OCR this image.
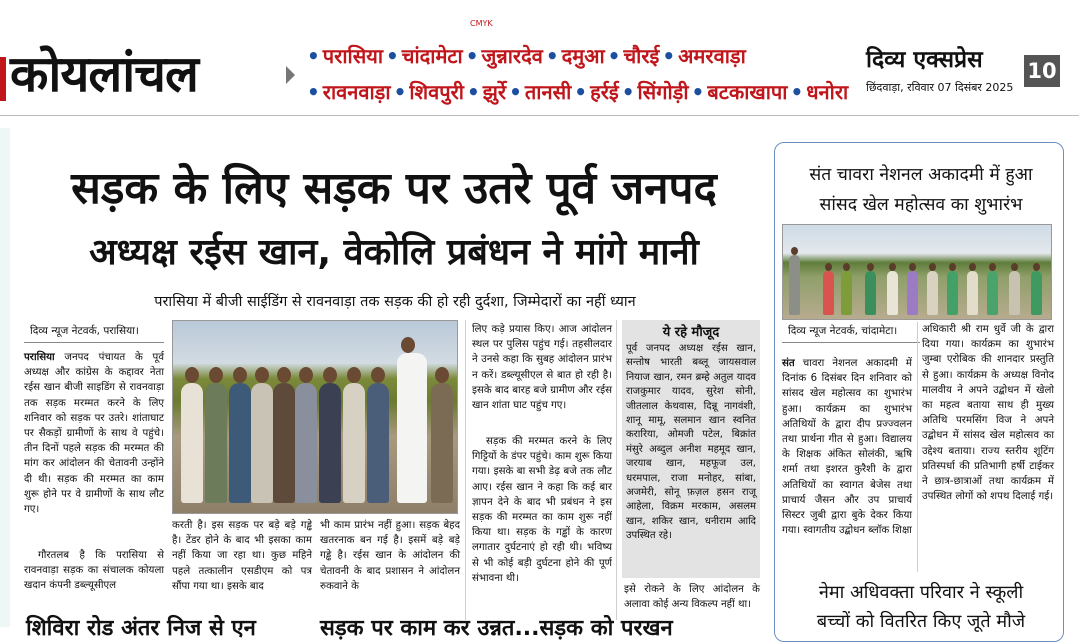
CMYK
कोयलांचल	• परासिया • चांदामेटा • जुन्नारदेव • दमुआ • चौरई • अमरवाड़ा
• रावनवाड़ा • शिवपुरी • झुर्रे • तानसी • हर्रई • सिंगोड़ी • बटकाखापा • धनोरा
दिव्य एक्सप्रेस
छिंदवाड़ा, रविवार 07 दिसंबर 2025
10
सड़क के लिए सड़क पर उतरे पूर्व जनपद
अध्यक्ष रईस खान, वेकोलि प्रबंधन ने मांगे मानी
परासिया में बीजी साईडिंग से रावनवाड़ा तक सड़क की हो रही दुर्दशा, जिम्मेदारों का नहीं ध्यान
दिव्य न्यूज नेटवर्क, परासिया।
परासिया जनपद पंचायत के पूर्व अध्यक्ष और कांग्रेस के कद्दावर नेता रईस खान बीजी साइडिंग से रावनवाड़ा तक सड़क मरम्मत करने के लिए शनिवार को सड़क पर उतरे। शांताघाट पर सैकड़ों ग्रामीणों के साथ वे पहुंचे। तीन दिनों पहले सड़क की मरम्मत की मांग कर आंदोलन की चेतावनी उन्होंने दी थी। सड़क की मरम्मत का काम शुरू होने पर वे ग्रामीणों के साथ लौट गए।
गौरतलब है कि परासिया से रावनवाड़ा सड़क का संचालक कोयला खदान कंपनी डब्ल्यूसीएल
करती है। इस सड़क पर बड़े बड़े गड्ढे है। टेंडर होने के बाद भी इसका काम नहीं किया जा रहा था। कुछ महिने पहले तत्कालीन एसडीएम को पत्र सौंपा गया था। इसके बाद
भी काम प्रारंभ नहीं हुआ। सड़क बेहद खतरनाक बन गई है। इसमें बड़े बड़े गड्ढे है। रईस खान के आंदोलन की चेतावनी के बाद प्रशासन ने आंदोलन रुकवाने के
लिए कड़े प्रयास किए। आज आंदोलन स्थल पर पुलिस पहुंच गई। तहसीलदार ने उनसे कहा कि सुबह आंदोलन प्रारंभ न करें। डब्ल्यूसीएल से बात हो रही है। इसके बाद बारह बजे ग्रामीण और रईस खान शांता घाट पहुंच गए।
सड़क की मरम्मत करने के लिए गिट्टियों के डंपर पहुंचे। काम शुरू किया गया। इसके बा सभी डेढ़ बजे तक लौट आए। रईस खान ने कहा कि कई बार ज्ञापन देने के बाद भी प्रबंधन ने इस सड़क की मरम्मत का काम शुरू नहीं किया था। सड़क के गड्ढों के कारण लगातार दुर्घटनाएं हो रही थी। भविष्य से भी कोई बड़ी दुर्घटना होने की पूर्ण संभावना थी।
ये रहे मौजूद
पूर्व जनपद अध्यक्ष रईस खान, सन्तोष भारती बब्लू जायसवाल नियाज खान, रमन ब्रम्हे अतुल यादव राजकुमार यादव, सुरेश सोनी, जीतलाल केथवास, दिन्नू नागवंशी, शानू मामू, सलमान खान स्वनित करारिया, ओमजी पटेल, बिक्रांत मंसुरे अब्दुल अनीश महमूद खान, जरयाब खान, महफूज उल, धरमपाल, राजा मनोहर, सांबा, अजमेरी, सोनू फ़ज़ल हसन राजू आहेला, विक्रम मरकाम, असलम खान, शकिर खान, धनीराम आदि उपस्थित रहे।
इसे रोकने के लिए आंदोलन के अलावा कोई अन्य विकल्प नहीं था।
संत चावरा नेशनल अकादमी में हुआ
सांसद खेल महोत्सव का शुभारंभ
दिव्य न्यूज नेटवर्क, चांदामेटा।
संत चावरा नेशनल अकादमी में दिनांक 6 दिसंबर दिन शनिवार को सांसद खेल महोत्सव का शुभारंभ हुआ। कार्यक्रम का शुभारंभ अतिथियों के द्वारा दीप प्रज्ज्वलन तथा प्रार्थना गीत से हुआ। विद्यालय के शिक्षक अंकित सोलंकी, ऋषि शर्मा तथा इशरत कुरैशी के द्वारा अतिथियों का स्वागत बेजेस तथा प्राचार्य जैसन और उप प्राचार्य सिस्टर जुबी द्वारा बुके देकर किया गया। स्वागतीय उद्बोधन ब्लॉक शिक्षा
अधिकारी श्री राम धुर्वे जी के द्वारा दिया गया। कार्यक्रम का शुभारंभ जुम्बा एरोबिक की शानदार प्रस्तुति से हुआ। कार्यक्रम के अध्यक्ष विनोद मालवीय ने अपने उद्बोधन में खेलो का महत्व बताया साथ ही मुख्य अतिथि परमसिंग विज ने अपने उद्बोधन में सांसद खेल महोत्सव का उद्देश्य बताया। राज्य स्तरीय शूटिंग प्रतिस्पर्धा की प्रतिभागी हर्षी टाईकर ने छात्र-छात्राओं तथा कार्यक्रम में उपस्थित लोगों को शपथ दिलाई गई।
नेमा अधिवक्ता परिवार ने स्कूली
बच्चों को वितरित किए जूते मौजे
शिविरा रोड अंतर निज से एन	सड़क पर काम कर उन्नत...सड़क को परखन
